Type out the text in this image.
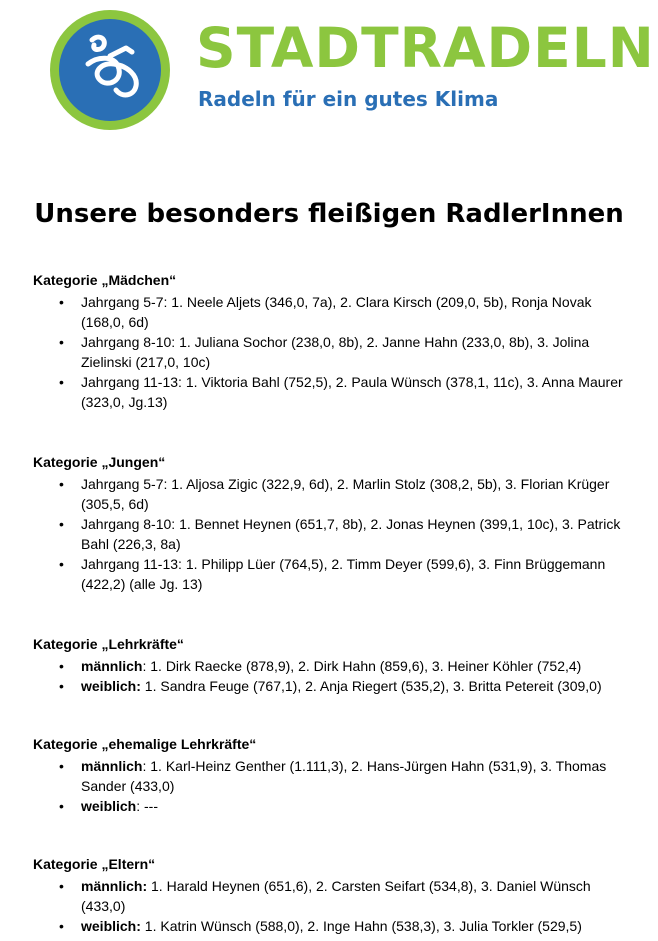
STADTRADELN
Radeln für ein gutes Klima
Unsere besonders fleißigen RadlerInnen
Kategorie „Mädchen“
• Jahrgang 5-7: 1. Neele Aljets (346,0, 7a), 2. Clara Kirsch (209,0, 5b), Ronja Novak (168,0, 6d)
• Jahrgang 8-10: 1. Juliana Sochor (238,0, 8b), 2. Janne Hahn (233,0, 8b), 3. Jolina Zielinski (217,0, 10c)
• Jahrgang 11-13: 1. Viktoria Bahl (752,5), 2. Paula Wünsch (378,1, 11c), 3. Anna Maurer (323,0, Jg.13)
Kategorie „Jungen“
• Jahrgang 5-7: 1. Aljosa Zigic (322,9, 6d), 2. Marlin Stolz (308,2, 5b), 3. Florian Krüger (305,5, 6d)
• Jahrgang 8-10: 1. Bennet Heynen (651,7, 8b), 2. Jonas Heynen (399,1, 10c), 3. Patrick Bahl (226,3, 8a)
• Jahrgang 11-13: 1. Philipp Lüer (764,5), 2. Timm Deyer (599,6), 3. Finn Brüggemann (422,2) (alle Jg. 13)
Kategorie „Lehrkräfte“
• männlich: 1. Dirk Raecke (878,9), 2. Dirk Hahn (859,6), 3. Heiner Köhler (752,4)
• weiblich: 1. Sandra Feuge (767,1), 2. Anja Riegert (535,2), 3. Britta Petereit (309,0)
Kategorie „ehemalige Lehrkräfte“
• männlich: 1. Karl-Heinz Genther (1.111,3), 2. Hans-Jürgen Hahn (531,9), 3. Thomas Sander (433,0)
• weiblich: ---
Kategorie „Eltern“
• männlich: 1. Harald Heynen (651,6), 2. Carsten Seifart (534,8), 3. Daniel Wünsch (433,0)
• weiblich: 1. Katrin Wünsch (588,0), 2. Inge Hahn (538,3), 3. Julia Torkler (529,5)
